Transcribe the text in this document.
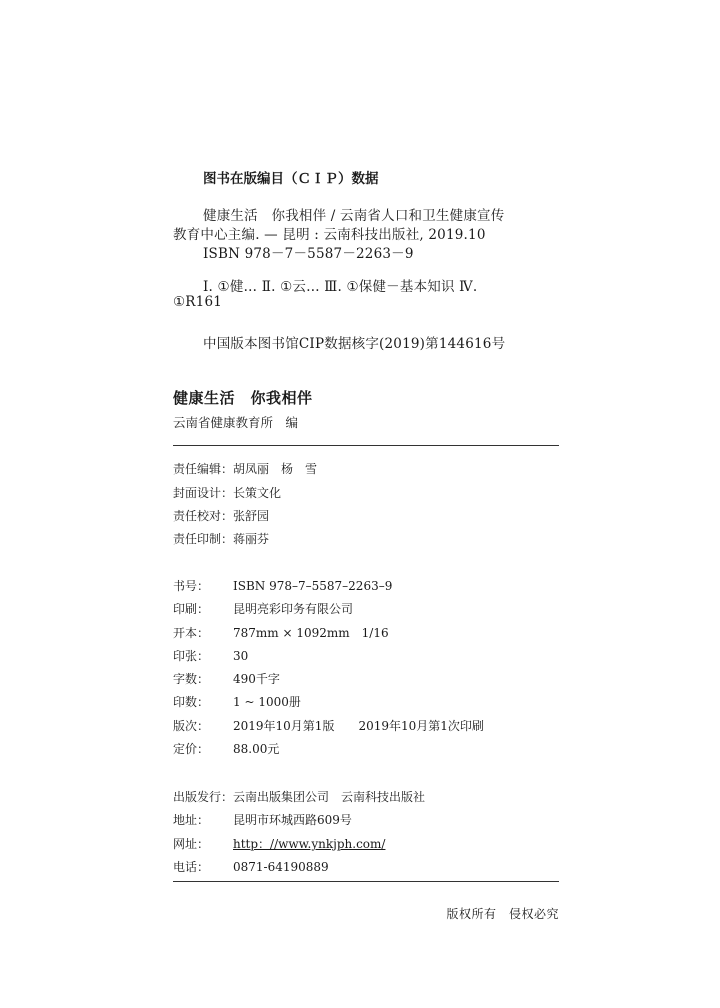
图书在版编目（ＣＩＰ）数据
健康生活　你我相伴 / 云南省人口和卫生健康宣传
教育中心主编. — 昆明 : 云南科技出版社, 2019.10
ISBN 978－7－5587－2263－9
Ⅰ. ①健… Ⅱ. ①云… Ⅲ. ①保健－基本知识 Ⅳ.
①R161
中国版本图书馆CIP数据核字(2019)第144616号
健康生活　你我相伴
云南省健康教育所　编
责任编辑：胡凤丽　杨　雪
封面设计：长策文化
责任校对：张舒园
责任印制：蒋丽芬
书号： ISBN 978–7–5587–2263–9
印刷： 昆明亮彩印务有限公司
开本： 787mm × 1092mm　1/16
印张： 30
字数： 490千字
印数： 1 ~ 1000册
版次： 2019年10月第1版　　2019年10月第1次印刷
定价： 88.00元
出版发行：云南出版集团公司　云南科技出版社
地址： 昆明市环城西路609号
网址： http：//www.ynkjph.com/
电话： 0871-64190889
版权所有　侵权必究
